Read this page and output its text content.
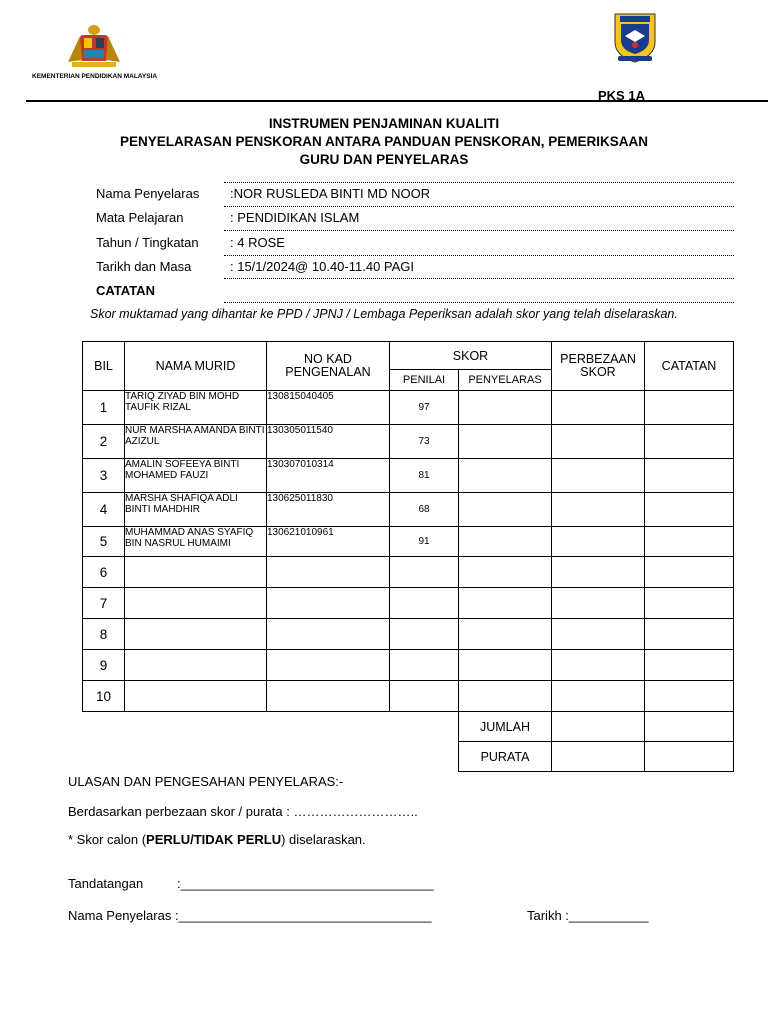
KEMENTERIAN PENDIDIKAN MALAYSIA
PKS 1A
INSTRUMEN PENJAMINAN KUALITI
PENYELARASAN PENSKORAN ANTARA PANDUAN PENSKORAN, PEMERIKSAAN
GURU DAN PENYELARAS
Nama Penyelaras :NOR RUSLEDA BINTI MD NOOR
Mata Pelajaran	: PENDIDIKAN ISLAM
Tahun / Tingkatan : 4 ROSE
Tarikh dan Masa	: 15/1/2024@ 10.40-11.40 PAGI
CATATAN
Skor muktamad yang dihantar ke PPD / JPNJ / Lembaga Peperiksan adalah skor yang telah diselaraskan.
BIL	NAMA MURID	NO KAD PENGENALAN	SKOR		PERBEZAAN SKOR	CATATAN
			PENILAI	PENYELARAS		
1	TARIQ ZIYAD BIN MOHD TAUFIK RIZAL	130815040405	97			
2	NUR MARSHA AMANDA BINTI AZIZUL	130305011540	73			
3	AMALIN SOFEEYA BINTI MOHAMED FAUZI	130307010314	81			
4	MARSHA SHAFIQA ADLI BINTI MAHDHIR	130625011830	68			
5	MUHAMMAD ANAS SYAFIQ BIN NASRUL HUMAIMI	130621010961	91			
6						
7						
8						
9						
10						
				JUMLAH		
				PURATA		
ULASAN DAN PENGESAHAN PENYELARAS:-
Berdasarkan perbezaan skor / purata : ………………………..
* Skor calon (PERLU/TIDAK PERLU) diselaraskan.
Tandatangan	:___________________________________
Nama Penyelaras :___________________________________	Tarikh :___________
